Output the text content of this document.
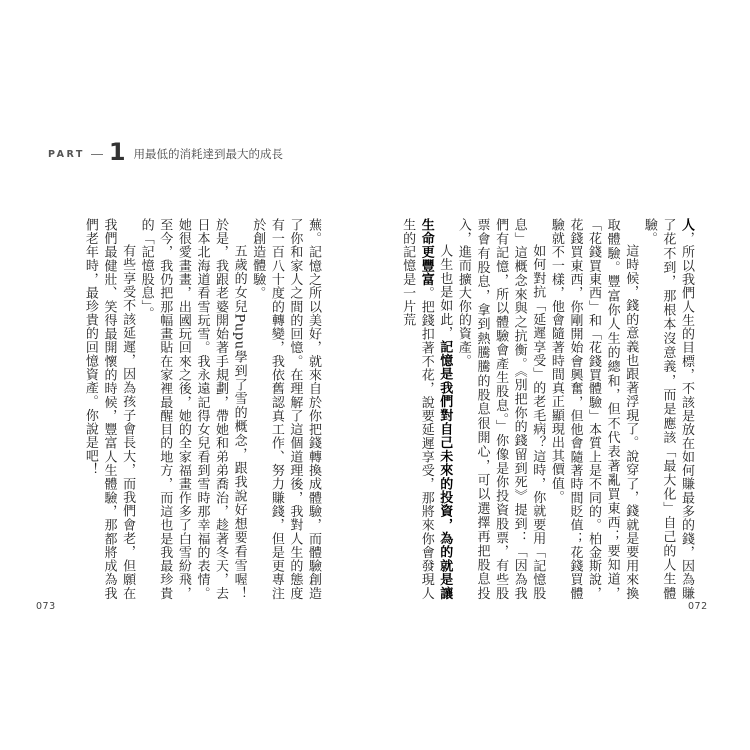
PART 1 用最低的消耗達到最大的成長

蕪。記憶之所以美好，就來自於你把錢轉換成體驗，而體驗創造了你和家人之間的回憶。在理解了這個道理後，我對人生的態度有一百八十度的轉變，我依舊認真工作、努力賺錢，但是更專注於創造體驗。

五歲的女兒Pupu學到了雪的概念，跟我說好想要看雪喔！於是，我跟老婆開始著手規劃，帶她和弟弟喬治，趁著冬天，去日本北海道看雪玩雪。我永遠記得女兒看到雪時那幸福的表情。她很愛畫畫，出國玩回來之後，她的全家福畫作多了白雪紛飛，至今，我仍把那幅畫貼在家裡最醒目的地方，而這也是我最珍貴的「記憶股息」。

有些享受不該延遲，因為孩子會長大，而我們會老，但願在我們最健壯、笑得最開懷的時候，豐富人生體驗，那都將成為我們老年時，最珍貴的回憶資產。你說是吧！

073

人，所以我們人生的目標，不該是放在如何賺最多的錢，因為賺了花不到，那根本沒意義，而是應該「最大化」自己的人生體驗。

這時候，錢的意義也跟著浮現了。說穿了，錢就是要用來換取體驗。豐富你人生的總和，但不代表著亂買東西；要知道，「花錢買東西」和「花錢買體驗」本質上是不同的。柏金斯說，花錢買東西，你剛開始會興奮，但他會隨著時間貶值；花錢買體驗就不一樣，他會隨著時間真正顯現出其價值。

如何對抗「延遲享受」的老毛病？這時，你就要用「記憶股息」這概念來與之抗衡。《別把你的錢留到死》提到：「因為我們有記憶，所以體驗會產生股息。」你像是你投資股票，有些股票會有股息，拿到熱騰騰的股息很開心，可以選擇再把股息投入，進而擴大你的資產。

人生也是如此，記憶是我們對自己未來的投資，為的就是讓生命更豐富。把錢扣著不花，說要延遲享受，那將來你會發現人生的記憶是一片荒

072
